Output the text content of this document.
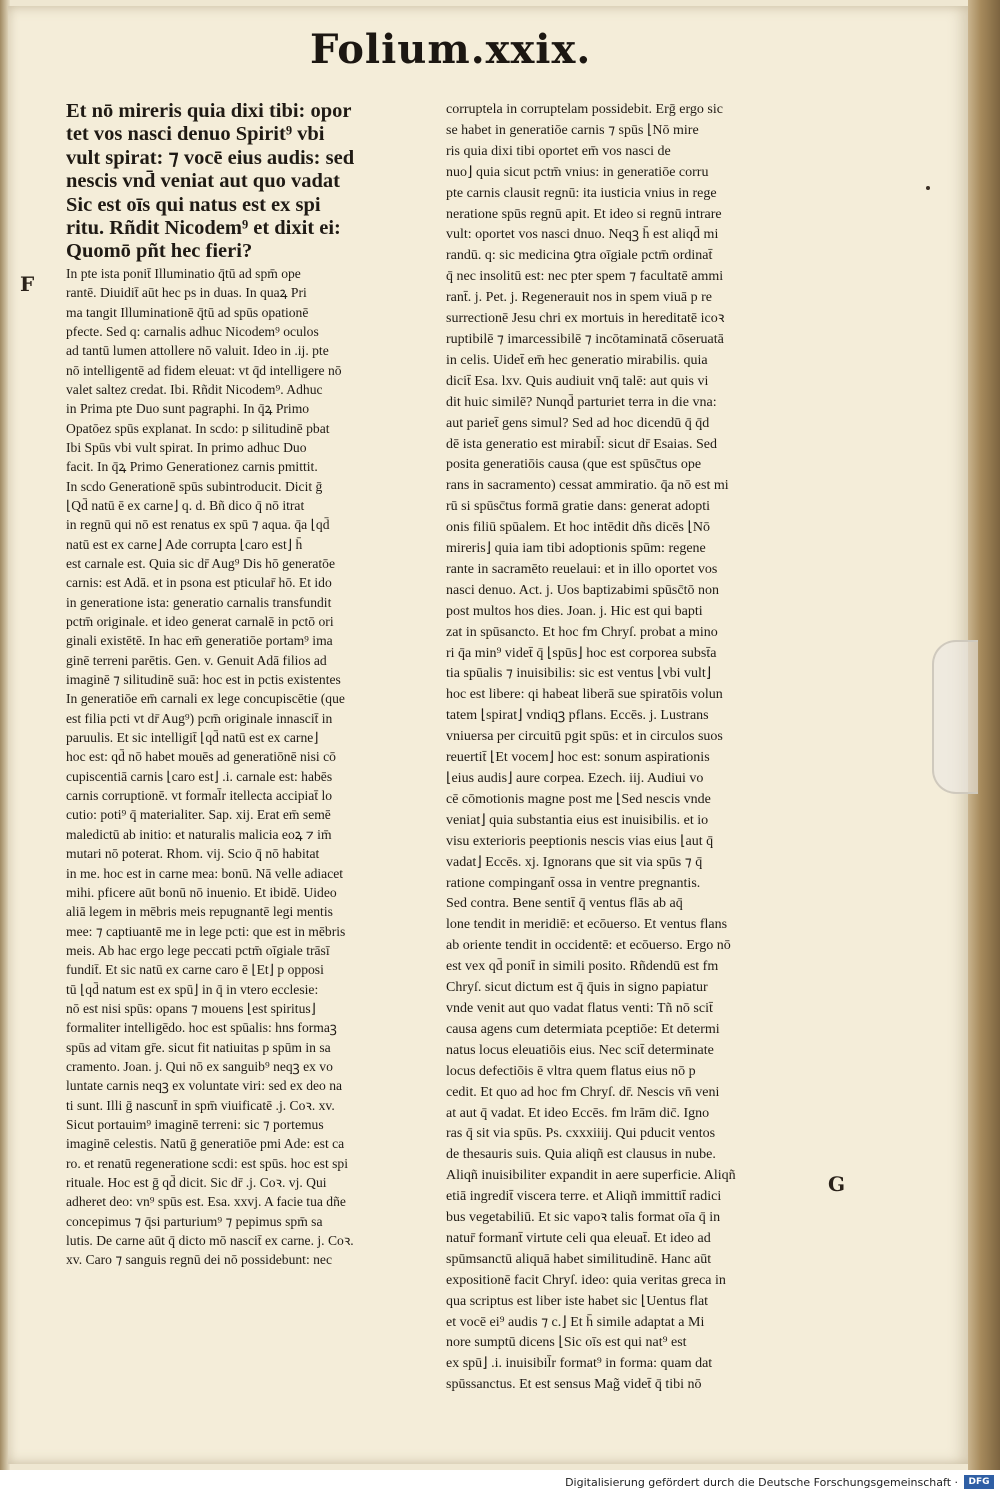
Folium.xxix.
F
G

Et nō mireris quia dixi tibi: opor

tet vos nasci denuo Spirit⁹ vbi

vult spirat: ⁊ vocē eius audis: sed

nescis vnd̄ veniat aut quo vadat

Sic est oīs qui natus est ex spi

ritu. Rñdit Nicodem⁹ et dixit ei:

Quomō pñt hec fieri?

In pte ista ponit̄ Illuminatio q̄tū ad spm̄ ope

rantē. Diuidit̄ aūt hec ps in duas. In quaꝝ Pri

ma tangit Illuminationē q̄tū ad spūs opationē

pfecte. Sed q: carnalis adhuc Nicodem⁹ oculos

ad tantū lumen attollere nō valuit. Ideo in .ij. pte

nō intelligentē ad fidem eleuat: vt q̄d intelligere nō

valet saltez credat. Ibi. Rñdit Nicodem⁹. Adhuc

in Prima pte Duo sunt pagraphi. In q̄ꝝ Primo

Opatōez spūs explanat. In scdo: p silitudinē pbat

Ibi Spūs vbi vult spirat. In primo adhuc Duo

facit. In q̄ꝝ Primo Generationez carnis pmittit.

In scdo Generationē spūs subintroducit. Dicit ḡ

⌊Qd̄ natū ē ex carne⌋ q. d. Bñ dico q̄ nō itrat

in regnū qui nō est renatus ex spū ⁊ aqua. q̄a ⌊qd̄

natū est ex carne⌋ Ade corrupta ⌊caro est⌋ h̄

est carnale est. Quia sic dr̄ Aug⁹ Dis hō generatōe

carnis: est Adā. et in psona est pticular̄ hō. Et ido

in generatione ista: generatio carnalis transfundit

pctm̄ originale. et ideo generat carnalē in pctō ori

ginali existētē. In hac em̄ generatiōe portam⁹ ima

ginē terreni parētis. Gen. v. Genuit Adā filios ad

imaginē ⁊ silitudinē suā: hoc est in pctis existentes

In generatiōe em̄ carnali ex lege concupiscētie (que

est filia pcti vt dr̄ Aug⁹) pcm̄ originale innascit̄ in

paruulis. Et sic intelligit̄ ⌊qd̄ natū est ex carne⌋

hoc est: qd̄ nō habet mouēs ad generatiōnē nisi cō

cupiscentiā carnis ⌊caro est⌋ .i. carnale est: habēs

carnis corruptionē. vt formal̄r itellecta accipiat̄ lo

cutio: poti⁹ q̄ materialiter. Sap. xij. Erat em̄ semē

maledictū ab initio: et naturalis malicia eoꝝ ⁊ im̄

mutari nō poterat. Rhom. vij. Scio q̄ nō habitat

in me. hoc est in carne mea: bonū. Nā velle adiacet

mihi. pficere aūt bonū nō inuenio. Et ibidē. Uideo

aliā legem in mēbris meis repugnantē legi mentis

mee: ⁊ captiuantē me in lege pcti: que est in mēbris

meis. Ab hac ergo lege peccati pctm̄ oīgiale trāsī

fundit̄. Et sic natū ex carne caro ē ⌊Et⌋ p opposi

tū ⌊qd̄ natum est ex spū⌋ in q̄ in vtero ecclesie:

nō est nisi spūs: opans ⁊ mouens ⌊est spiritus⌋

formaliter intelligēdo. hoc est spūalis: hns formaꝫ

spūs ad vitam gr̄e. sicut fit natiuitas p spūm in sa

cramento. Joan. j. Qui nō ex sanguib⁹ neqꝫ ex vo

luntate carnis neqꝫ ex voluntate viri: sed ex deo na

ti sunt. Illi ḡ nascunt̄ in spm̄ viuificatē .j. Coꝛ. xv.

Sicut portauim⁹ imaginē terreni: sic ⁊ portemus

imaginē celestis. Natū ḡ generatiōe pmi Ade: est ca

ro. et renatū regeneratione scdi: est spūs. hoc est spi

rituale. Hoc est ḡ qd̄ dicit. Sic dr̄ .j. Coꝛ. vj. Qui

adheret deo: vn⁹ spūs est. Esa. xxvj. A facie tua dñe

concepimus ⁊ q̄si parturium⁹ ⁊ pepimus spm̄ sa

lutis. De carne aūt q̄ dicto mō nascit̄ ex carne. j. Coꝛ.

xv. Caro ⁊ sanguis regnū dei nō possidebunt: nec

corruptela in corruptelam possidebit. Erḡ ergo sic

se habet in generatiōe carnis ⁊ spūs ⌊Nō mire

ris quia dixi tibi oportet em̄ vos nasci de

nuo⌋ quia sicut pctm̄ vnius: in generatiōe corru

pte carnis clausit regnū: ita iusticia vnius in rege

neratione spūs regnū apit. Et ideo si regnū intrare

vult: oportet vos nasci dnuo. Neqꝫ h̄ est aliqd̄ mi

randū. q: sic medicina ꝯtra oīgiale pctm̄ ordinat̄

q̄ nec insolitū est: nec pter spem ⁊ facultatē ammi

rant̄. j. Pet. j. Regenerauit nos in spem viuā p re

surrectionē Jesu chri ex mortuis in hereditatē icoꝛ

ruptibilē ⁊ imarcessibilē ⁊ incōtaminatā cōseruatā

in celis. Uidet̄ em̄ hec generatio mirabilis. quia

dicit̄ Esa. lxv. Quis audiuit vnq̄ talē: aut quis vi

dit huic similē? Nunqd̄ parturiet terra in die vna:

aut pariet̄ gens simul? Sed ad hoc dicendū q̄ q̄d

dē ista generatio est mirabil̄: sicut dr̄ Esaias. Sed

posita generatiōis causa (que est spūsc̄tus ope

rans in sacramento) cessat ammiratio. q̄a nō est mi

rū si spūsc̄tus formā gratie dans: generat adopti

onis filiū spūalem. Et hoc intēdit dñs dicēs ⌊Nō

mireris⌋ quia iam tibi adoptionis spūm: regene

rante in sacramēto reuelaui: et in illo oportet vos

nasci denuo. Act. j. Uos baptizabimi spūsc̄tō non

post multos hos dies. Joan. j. Hic est qui bapti

zat in spūsancto. Et hoc fm Chryſ. probat a mino

ri q̄a min⁹ videt̄ q̄ ⌊spūs⌋ hoc est corporea subst̄a

tia spūalis ⁊ inuisibilis: sic est ventus ⌊vbi vult⌋

hoc est libere: qi habeat liberā sue spiratōis volun

tatem ⌊spirat⌋ vndiqꝫ pflans. Eccēs. j. Lustrans

vniuersa per circuitū pgit spūs: et in circulos suos

reuertit̄ ⌊Et vocem⌋ hoc est: sonum aspirationis

⌊eius audis⌋ aure corpea. Ezech. iij. Audiui vo

cē cōmotionis magne post me ⌊Sed nescis vnde

veniat⌋ quia substantia eius est inuisibilis. et io

visu exterioris peeptionis nescis vias eius ⌊aut q̄

vadat⌋ Eccēs. xj. Ignorans que sit via spūs ⁊ q̄

ratione compingant̄ ossa in ventre pregnantis.

Sed contra. Bene sentit̄ q̄ ventus flās ab aq̄

lone tendit in meridiē: et ecōuerso. Et ventus flans

ab oriente tendit in occidentē: et ecōuerso. Ergo nō

est vex qd̄ ponit̄ in simili posito. Rñdendū est fm

Chryſ. sicut dictum est q̄ q̄uis in signo papiatur

vnde venit aut quo vadat flatus venti: Tñ nō scit̄

causa agens cum determiata pceptiōe: Et determi

natus locus eleuatiōis eius. Nec scit̄ determinate

locus defectiōis ē vltra quem flatus eius nō p

cedit. Et quo ad hoc fm Chryſ. dr̄. Nescis vn̄ veni

at aut q̄ vadat. Et ideo Eccēs. fm lrām dic̄. Igno

ras q̄ sit via spūs. Ps. cxxxiiij. Qui pducit ventos

de thesauris suis. Quia aliqñ est clausus in nube.

Aliqñ inuisibiliter expandit in aere superficie. Aliqñ

etiā ingredit̄ viscera terre. et Aliqñ immittit̄ radici

bus vegetabiliū. Et sic vapoꝛ talis format oīa q̄ in

natur̄ formant̄ virtute celi qua eleuat̄. Et ideo ad

spūmsanctū aliquā habet similitudinē. Hanc aūt

expositionē facit Chryſ. ideo: quia veritas greca in

qua scriptus est liber iste habet sic ⌊Uentus flat

et vocē ei⁹ audis ⁊ c.⌋ Et h̄ simile adaptat a Mi

nore sumptū dicens ⌊Sic oīs est qui nat⁹ est

ex spū⌋ .i. inuisibil̄r format⁹ in forma: quam dat

spūssanctus. Et est sensus Mag̃ videt̄ q̄ tibi nō

Digitalisierung gefördert durch die Deutsche Forschungsgemeinschaft ·	DFG
